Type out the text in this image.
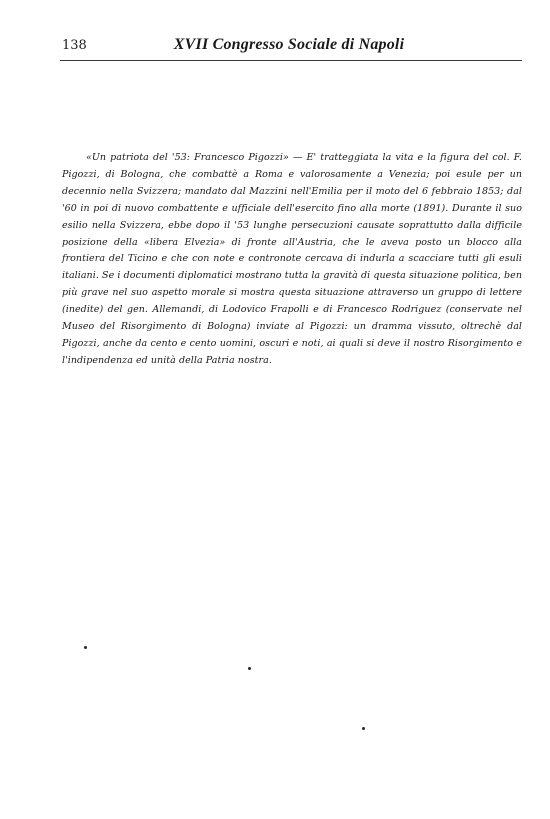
138	XVII Congresso Sociale di Napoli

«Un patriota del '53: Francesco Pigozzi» — E' tratteggiata la vita e la figura del col. F. Pigozzi, di Bologna, che combattè a Roma e valorosamente a Venezia; poi esule per un decennio nella Svizzera; mandato dal Mazzini nell'Emilia per il moto del 6 febbraio 1853; dal '60 in poi di nuovo combattente e ufficiale dell'esercito fino alla morte (1891). Durante il suo esilio nella Svizzera, ebbe dopo il '53 lunghe persecuzioni causate soprattutto dalla difficile posizione della «libera Elvezia» di fronte all'Austria, che le aveva posto un blocco alla frontiera del Ticino e che con note e contronote cercava di indurla a scacciare tutti gli esuli italiani. Se i documenti diplomatici mostrano tutta la gravità di questa situazione politica, ben più grave nel suo aspetto morale si mostra questa situazione attraverso un gruppo di lettere (inedite) del gen. Allemandi, di Lodovico Frapolli e di Francesco Rodriguez (conservate nel Museo del Risorgimento di Bologna) inviate al Pigozzi: un dramma vissuto, oltrechè dal Pigozzi, anche da cento e cento uomini, oscuri e noti, ai quali si deve il nostro Risorgimento e l'indipendenza ed unità della Patria nostra.
